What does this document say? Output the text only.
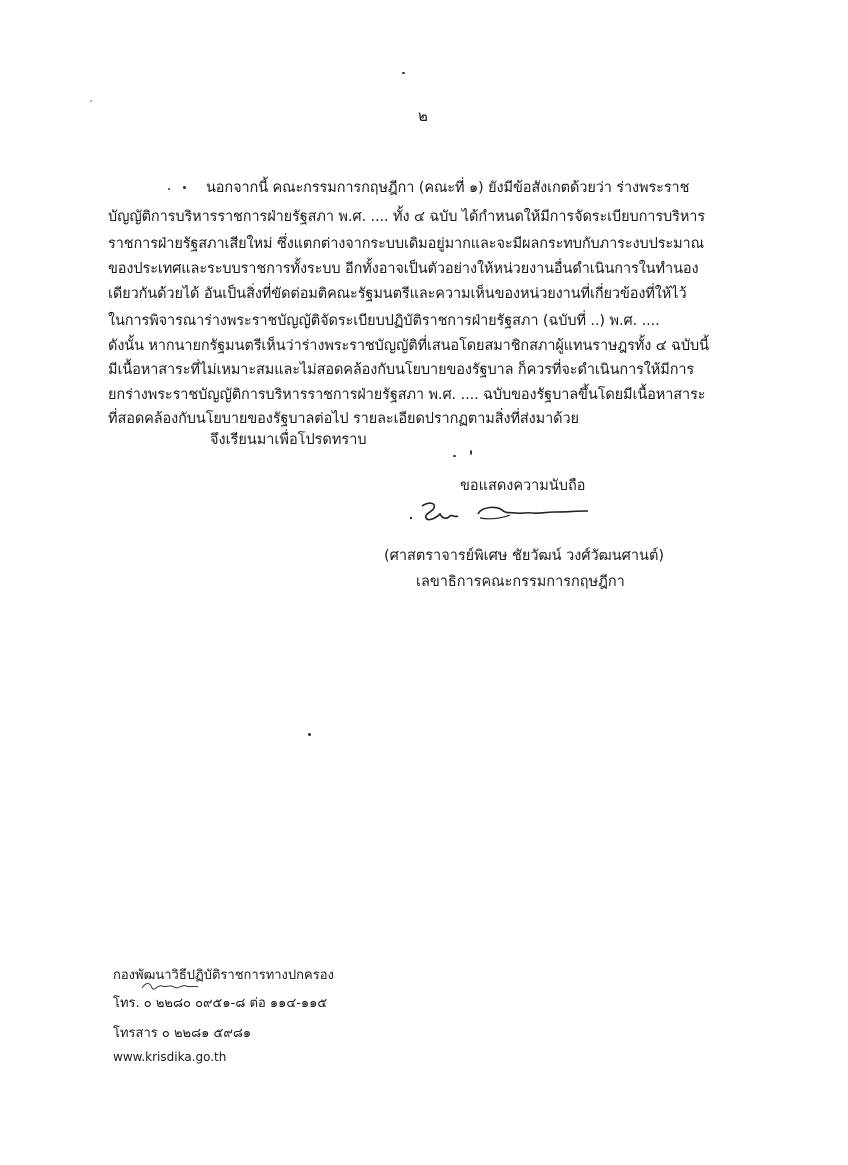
๒
นอกจากนี้ คณะกรรมการกฤษฎีกา (คณะที่ ๑) ยังมีข้อสังเกตด้วยว่า ร่างพระราช
บัญญัติการบริหารราชการฝ่ายรัฐสภา พ.ศ. .... ทั้ง ๔ ฉบับ ได้กำหนดให้มีการจัดระเบียบการบริหาร
ราชการฝ่ายรัฐสภาเสียใหม่ ซึ่งแตกต่างจากระบบเดิมอยู่มากและจะมีผลกระทบกับภาระงบประมาณ
ของประเทศและระบบราชการทั้งระบบ อีกทั้งอาจเป็นตัวอย่างให้หน่วยงานอื่นดำเนินการในทำนอง
เดียวกันด้วยได้ อันเป็นสิ่งที่ขัดต่อมติคณะรัฐมนตรีและความเห็นของหน่วยงานที่เกี่ยวข้องที่ให้ไว้
ในการพิจารณาร่างพระราชบัญญัติจัดระเบียบปฏิบัติราชการฝ่ายรัฐสภา (ฉบับที่ ..) พ.ศ. ....
ดังนั้น หากนายกรัฐมนตรีเห็นว่าร่างพระราชบัญญัติที่เสนอโดยสมาชิกสภาผู้แทนราษฎรทั้ง ๔ ฉบับนี้
มีเนื้อหาสาระที่ไม่เหมาะสมและไม่สอดคล้องกับนโยบายของรัฐบาล ก็ควรที่จะดำเนินการให้มีการ
ยกร่างพระราชบัญญัติการบริหารราชการฝ่ายรัฐสภา พ.ศ. .... ฉบับของรัฐบาลขึ้นโดยมีเนื้อหาสาระ
ที่สอดคล้องกับนโยบายของรัฐบาลต่อไป รายละเอียดปรากฏตามสิ่งที่ส่งมาด้วย
จึงเรียนมาเพื่อโปรดทราบ
ขอแสดงความนับถือ
(ศาสตราจารย์พิเศษ ชัยวัฒน์ วงศ์วัฒนศานต์)
เลขาธิการคณะกรรมการกฤษฎีกา
กองพัฒนาวิธีปฏิบัติราชการทางปกครอง
โทร. ๐ ๒๒๘๐ ๐๙๕๑-๘ ต่อ ๑๑๔-๑๑๕
โทรสาร ๐ ๒๒๘๑ ๕๙๘๑
www.krisdika.go.th
